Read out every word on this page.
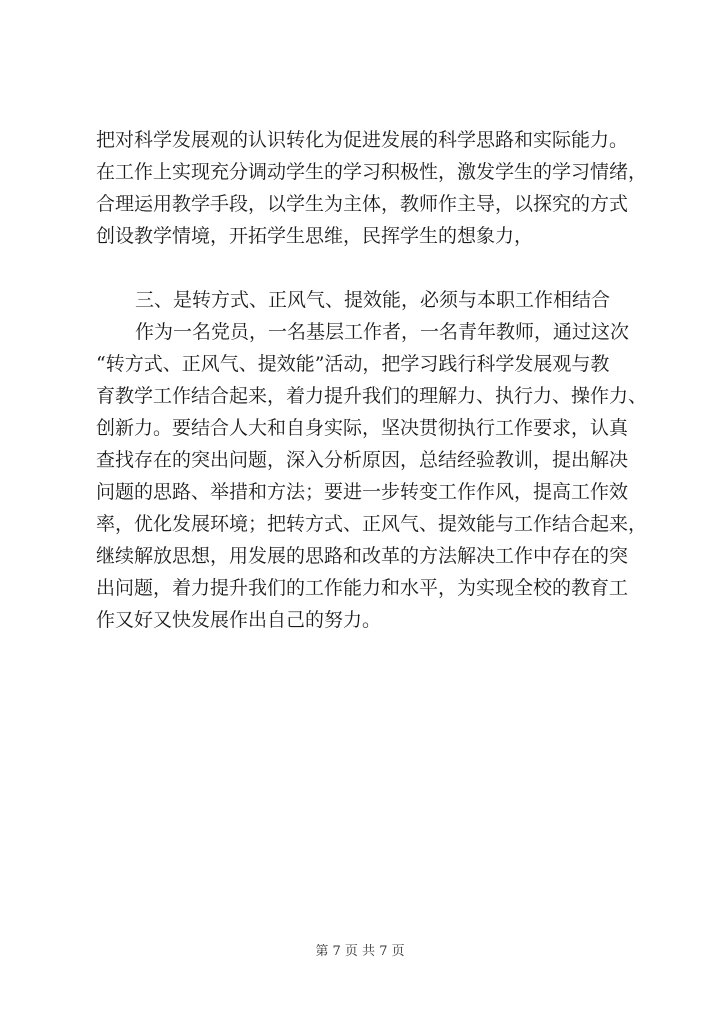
把对科学发展观的认识转化为促进发展的科学思路和实际能力。
在工作上实现充分调动学生的学习积极性，激发学生的学习情绪，
合理运用教学手段，以学生为主体，教师作主导，以探究的方式
创设教学情境，开拓学生思维，民挥学生的想象力，
三、是转方式、正风气、提效能，必须与本职工作相结合
作为一名党员，一名基层工作者，一名青年教师，通过这次
“转方式、正风气、提效能”活动，把学习践行科学发展观与教
育教学工作结合起来，着力提升我们的理解力、执行力、操作力、
创新力。要结合人大和自身实际，坚决贯彻执行工作要求，认真
查找存在的突出问题，深入分析原因，总结经验教训，提出解决
问题的思路、举措和方法；要进一步转变工作作风，提高工作效
率，优化发展环境；把转方式、正风气、提效能与工作结合起来，
继续解放思想，用发展的思路和改革的方法解决工作中存在的突
出问题，着力提升我们的工作能力和水平，为实现全校的教育工
作又好又快发展作出自己的努力。
第 7 页 共 7 页
